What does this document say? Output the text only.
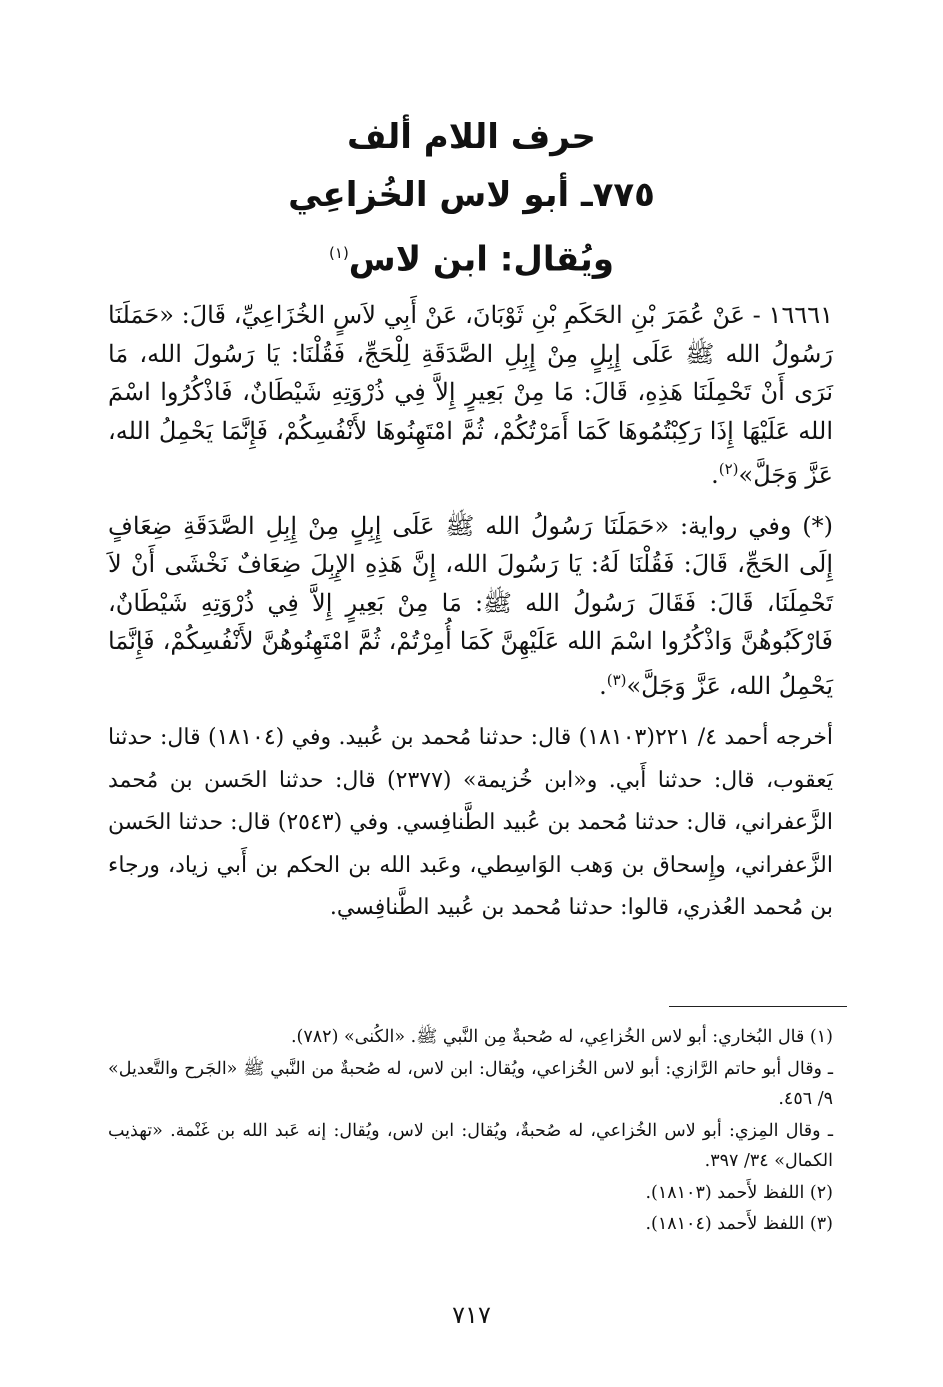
حرف اللام ألف
٧٧٥ـ أبو لاس الخُزاعِي
ويُقال: ابن لاس$^{(١)}$

١٦٦٦١ - عَنْ عُمَرَ بْنِ الحَكَمِ بْنِ ثَوْبَانَ، عَنْ أَبِي لاَسٍ الخُزَاعِيِّ، قَالَ: «حَمَلَنَا رَسُولُ الله ﷺ عَلَى إِبِلٍ مِنْ إِبِلِ الصَّدَقَةِ لِلْحَجِّ، فَقُلْنَا: يَا رَسُولَ الله، مَا نَرَى أَنْ تَحْمِلَنَا هَذِهِ، قَالَ: مَا مِنْ بَعِيرٍ إِلاَّ فِي ذُرْوَتِهِ شَيْطَانٌ، فَاذْكُرُوا اسْمَ الله عَلَيْهَا إِذَا رَكِبْتُمُوهَا كَمَا أَمَرْتُكُمْ، ثُمَّ امْتَهِنُوهَا لأَنْفُسِكُمْ، فَإِنَّمَا يَحْمِلُ الله، عَزَّ وَجَلَّ»$^{(٢)}$.

(*) وفي رواية: «حَمَلَنَا رَسُولُ الله ﷺ عَلَى إِبِلٍ مِنْ إِبِلِ الصَّدَقَةِ ضِعَافٍ إِلَى الحَجِّ، قَالَ: فَقُلْنَا لَهُ: يَا رَسُولَ الله، إِنَّ هَذِهِ الإِبِلَ ضِعَافٌ نَخْشَى أَنْ لاَ تَحْمِلَنَا، قَالَ: فَقَالَ رَسُولُ الله ﷺ: مَا مِنْ بَعِيرٍ إِلاَّ فِي ذُرْوَتِهِ شَيْطَانٌ، فَارْكَبُوهُنَّ وَاذْكُرُوا اسْمَ الله عَلَيْهِنَّ كَمَا أُمِرْتُمْ، ثُمَّ امْتَهِنُوهُنَّ لأَنْفُسِكُمْ، فَإِنَّمَا يَحْمِلُ الله، عَزَّ وَجَلَّ»$^{(٣)}$.

أخرجه أحمد ٤/ ٢٢١(١٨١٠٣) قال: حدثنا مُحمد بن عُبيد. وفي (١٨١٠٤) قال: حدثنا يَعقوب، قال: حدثنا أَبي. و«ابن خُزيمة» (٢٣٧٧) قال: حدثنا الحَسن بن مُحمد الزَّعفراني، قال: حدثنا مُحمد بن عُبيد الطَّنافِسي. وفي (٢٥٤٣) قال: حدثنا الحَسن الزَّعفراني، وإِسحاق بن وَهب الوَاسِطي، وعَبد الله بن الحكم بن أَبي زياد، ورجاء بن مُحمد العُذري، قالوا: حدثنا مُحمد بن عُبيد الطَّنافِسي.

(١) قال البُخاري: أبو لاس الخُزاعِي، له صُحبةٌ مِن النَّبي ﷺ. «الكُنى» (٧٨٢).

ـ وقال أبو حاتم الرَّازي: أبو لاس الخُزاعي، ويُقال: ابن لاس، له صُحبةٌ من النَّبي ﷺ «الجَرح والتَّعديل» ٩/ ٤٥٦.

ـ وقال المِزي: أبو لاس الخُزاعي، له صُحبةٌ، ويُقال: ابن لاس، ويُقال: إنه عَبد الله بن غَنْمة. «تهذيب الكمال» ٣٤/ ٣٩٧.

(٢) اللفظ لأَحمد (١٨١٠٣).

(٣) اللفظ لأَحمد (١٨١٠٤).

٧١٧
